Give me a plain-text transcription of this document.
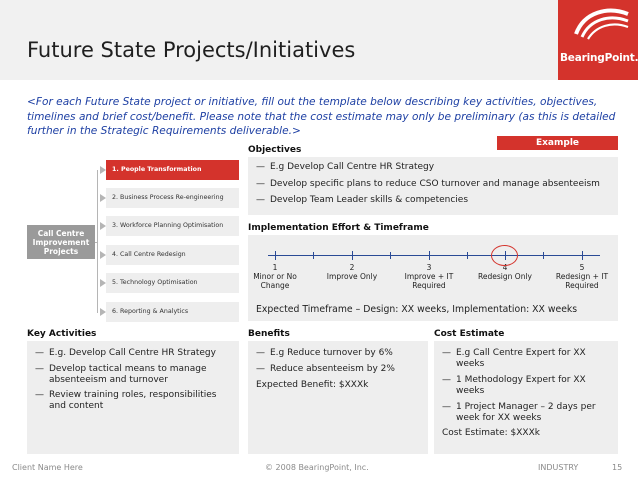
BearingPoint.
Future State Projects/Initiatives
<For each Future State project or initiative, fill out the template below describing key activities, objectives, timelines and brief cost/benefit. Please note that the cost estimate may only be preliminary (as this is detailed further in the Strategic Requirements deliverable.>
Example
Call Centre Improvement Projects
1. People Transformation
2. Business Process Re-engineering
3. Workforce Planning Optimisation
4. Call Centre Redesign
5. Technology Optimisation
6. Reporting & Analytics
Objectives
— E.g Develop Call Centre HR Strategy
— Develop specific plans to reduce CSO turnover and manage absenteeism
— Develop Team Leader skills & competencies
Implementation Effort & Timeframe
1
Minor or No Change
2
Improve Only
3
Improve + IT Required
4
Redesign Only
5
Redesign + IT Required
Expected Timeframe – Design: XX weeks, Implementation: XX weeks
Key Activities
— E.g. Develop Call Centre HR Strategy
— Develop tactical means to manage absenteeism and turnover
— Review training roles, responsibilities and content
Benefits
— E.g Reduce turnover by 6%
— Reduce absenteeism by 2%
Expected Benefit: $XXXk
Cost Estimate
— E.g Call Centre Expert for XX weeks
— 1 Methodology Expert for XX weeks
— 1 Project Manager – 2 days per week for XX weeks
Cost Estimate: $XXXk
Client Name Here	© 2008 BearingPoint, Inc.	INDUSTRY	15
